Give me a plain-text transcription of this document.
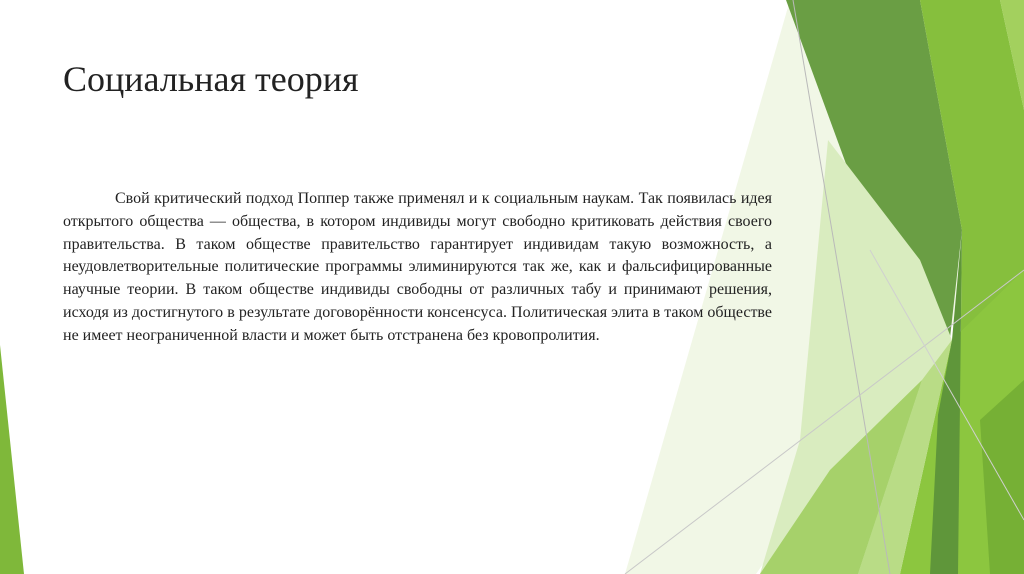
Социальная теория

Свой критический подход Поппер также применял и к социальным наукам. Так появилась идея открытого общества — общества, в котором индивиды могут свободно критиковать действия своего правительства. В таком обществе правительство гарантирует индивидам такую возможность, а неудовлетворительные политические программы элиминируются так же, как и фальсифицированные научные теории. В таком обществе индивиды свободны от различных табу и принимают решения, исходя из достигнутого в результате договорённости консенсуса. Политическая элита в таком обществе не имеет неограниченной власти и может быть отстранена без кровопролития.
